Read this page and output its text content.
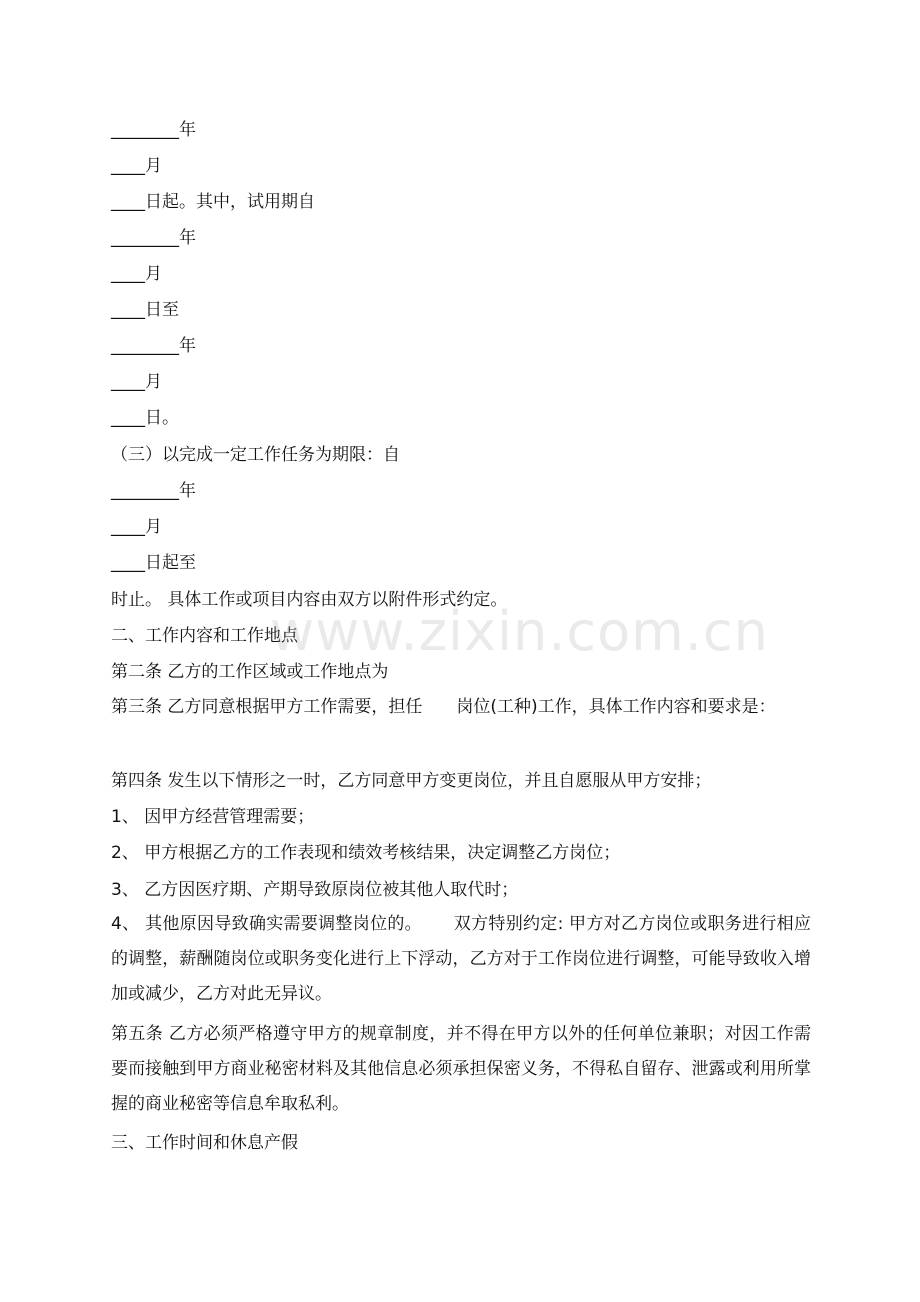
________年
____月
____日起。其中，试用期自
________年
____月
____日至
________年
____月
____日。
（三）以完成一定工作任务为期限：自
________年
____月
____日起至
时止。 具体工作或项目内容由双方以附件形式约定。
二、工作内容和工作地点
第二条 乙方的工作区域或工作地点为
第三条 乙方同意根据甲方工作需要，担任　　岗位(工种)工作，具体工作内容和要求是：
第四条 发生以下情形之一时，乙方同意甲方变更岗位，并且自愿服从甲方安排；
1、 因甲方经营管理需要；
2、 甲方根据乙方的工作表现和绩效考核结果，决定调整乙方岗位；
3、 乙方因医疗期、产期导致原岗位被其他人取代时；
4、 其他原因导致确实需要调整岗位的。　　 双方特别约定: 甲方对乙方岗位或职务进行相应的调整，薪酬随岗位或职务变化进行上下浮动，乙方对于工作岗位进行调整，可能导致收入增加或减少，乙方对此无异议。
第五条 乙方必须严格遵守甲方的规章制度，并不得在甲方以外的任何单位兼职；对因工作需要而接触到甲方商业秘密材料及其他信息必须承担保密义务，不得私自留存、泄露或利用所掌握的商业秘密等信息牟取私利。
三、工作时间和休息产假
www.zixin.com.cn
